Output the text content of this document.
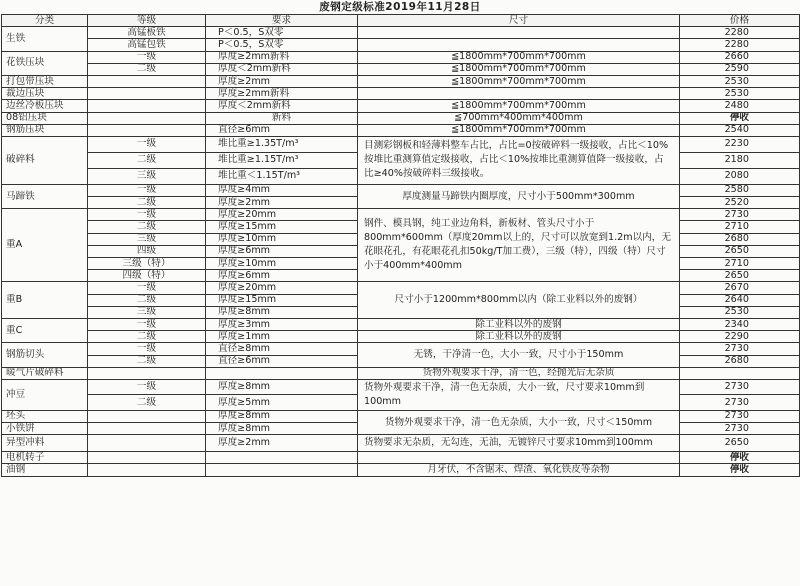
废钢定级标准2019年11月28日
分类	等级	要求	尺寸	价格
生铁	高锰板铁	P＜0.5，S双零		2280
	高锰包铁	P＜0.5，S双零		2280
花铁压块	一级	厚度≥2mm新料	≦1800mm*700mm*700mm	2660
	二级	厚度＜2mm新料	≦1800mm*700mm*700mm	2590
打包带压块		厚度≥2mm	≦1800mm*700mm*700mm	2530
裁边压块		厚度≥2mm新料		2530
边丝冷板压块		厚度＜2mm新料	≦1800mm*700mm*700mm	2480
08铝压块		新料	≦700mm*400mm*400mm	停收
钢筋压块		直径≥6mm	≦1800mm*700mm*700mm	2540
破碎料	一级	堆比重≥1.35T/m³	目测彩钢板和轻薄料整车占比，占比=0按破碎料一级接收，占比＜10%按堆比重测算值定级接收，占比＜10%按堆比重测算值降一级接收，占比≥40%按破碎料三级接收。	2230
	二级	堆比重≥1.15T/m³		2180
	三级	堆比重＜1.15T/m³		2080
马蹄铁	一级	厚度≥4mm	厚度测量马蹄铁内圈厚度，尺寸小于500mm*300mm	2580
	二级	厚度≥2mm		2520
重A	一级	厚度≥20mm	钢件、模具钢，纯工业边角料，新板材、管头尺寸小于800mm*600mm（厚度20mm以上的，尺寸可以放宽到1.2m以内，无花眼花孔，有花眼花孔扣50kg/T加工费），三级（特），四级（特）尺寸小于400mm*400mm	2730
	二级	厚度≥15mm		2710
	三级	厚度≥10mm		2680
	四级	厚度≥6mm		2650
	三级（特）	厚度≥10mm		2710
	四级（特）	厚度≥6mm		2650
重B	一级	厚度≥20mm	尺寸小于1200mm*800mm以内（除工业料以外的废钢）	2670
	二级	厚度≥15mm		2640
	三级	厚度≥8mm		2530
重C	一级	厚度≥3mm	除工业料以外的废钢	2340
	二级	厚度≥1mm	除工业料以外的废钢	2290
钢筋切头	一级	直径≥8mm	无锈，干净清一色，大小一致，尺寸小于150mm	2730
	二级	直径≥6mm		2680
暖气片破碎料			货物外观要求干净，清一色，经抛光后无杂质	
冲豆	一级	厚度≥8mm	货物外观要求干净，清一色无杂质，大小一致，尺寸要求10mm到100mm	2730
	二级	厚度≥5mm		2730
坯头		厚度≥8mm	货物外观要求干净，清一色无杂质，大小一致，尺寸＜150mm	2730
小铁饼		厚度≥8mm		2730
异型冲料		厚度≥2mm	货物要求无杂质，无勾连，无油，无镀锌尺寸要求10mm到100mm	2650
电机转子				停收
油钢			月牙伏，不含锯末、焊渣、氧化铁皮等杂物	停收
